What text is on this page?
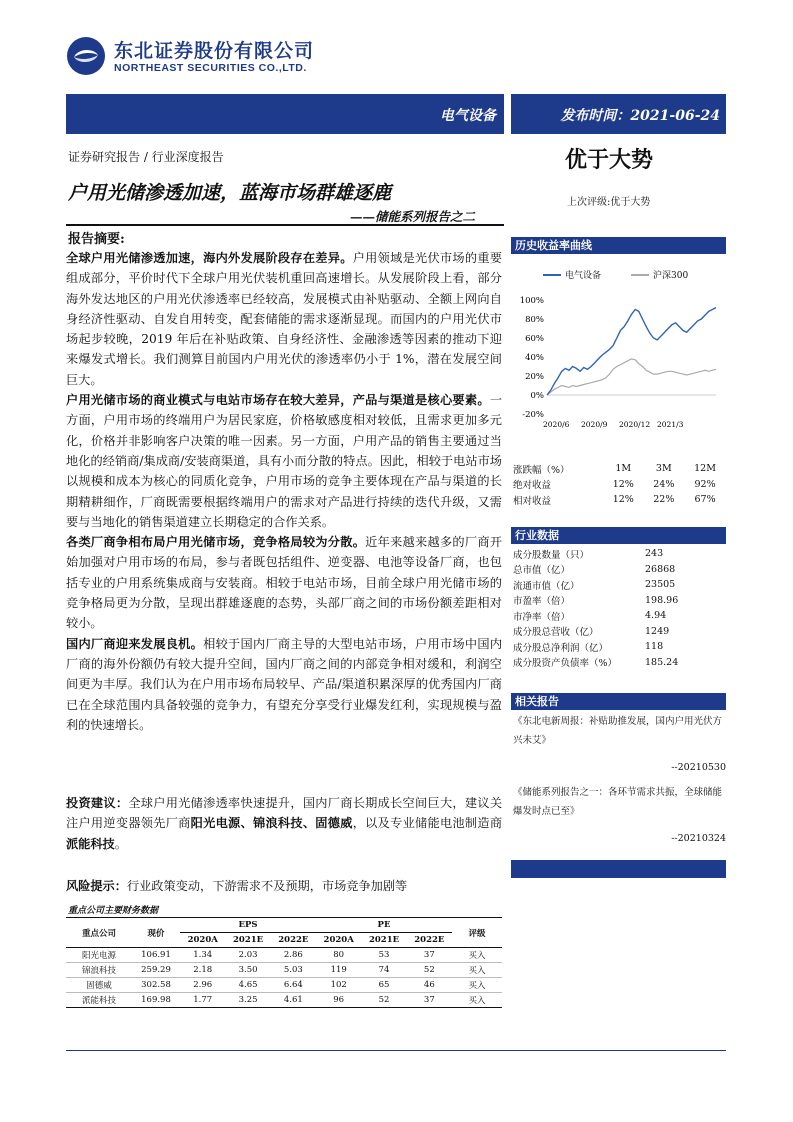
东北证券股份有限公司
NORTHEAST SECURITIES CO.,LTD.
电气设备	发布时间：2021-06-24
证券研究报告 / 行业深度报告	优于大势
上次评级:优于大势
户用光储渗透加速，蓝海市场群雄逐鹿
——储能系列报告之二
报告摘要:
全球户用光储渗透加速，海内外发展阶段存在差异。户用领域是光伏市场的重要组成部分，平价时代下全球户用光伏装机重回高速增长。从发展阶段上看，部分海外发达地区的户用光伏渗透率已经较高，发展模式由补贴驱动、全额上网向自身经济性驱动、自发自用转变，配套储能的需求逐渐显现。而国内的户用光伏市场起步较晚，2019 年后在补贴政策、自身经济性、金融渗透等因素的推动下迎来爆发式增长。我们测算目前国内户用光伏的渗透率仍小于 1%，潜在发展空间巨大。
户用光储市场的商业模式与电站市场存在较大差异，产品与渠道是核心要素。一方面，户用市场的终端用户为居民家庭，价格敏感度相对较低，且需求更加多元化，价格并非影响客户决策的唯一因素。另一方面，户用产品的销售主要通过当地化的经销商/集成商/安装商渠道，具有小而分散的特点。因此，相较于电站市场以规模和成本为核心的同质化竞争，户用市场的竞争主要体现在产品与渠道的长期精耕细作，厂商既需要根据终端用户的需求对产品进行持续的迭代升级，又需要与当地化的销售渠道建立长期稳定的合作关系。
各类厂商争相布局户用光储市场，竞争格局较为分散。近年来越来越多的厂商开始加强对户用市场的布局，参与者既包括组件、逆变器、电池等设备厂商，也包括专业的户用系统集成商与安装商。相较于电站市场，目前全球户用光储市场的竞争格局更为分散，呈现出群雄逐鹿的态势，头部厂商之间的市场份额差距相对较小。
国内厂商迎来发展良机。相较于国内厂商主导的大型电站市场，户用市场中国内厂商的海外份额仍有较大提升空间，国内厂商之间的内部竞争相对缓和，利润空间更为丰厚。我们认为在户用市场布局较早、产品/渠道积累深厚的优秀国内厂商已在全球范围内具备较强的竞争力，有望充分享受行业爆发红利，实现规模与盈利的快速增长。
投资建议：全球户用光储渗透率快速提升，国内厂商长期成长空间巨大，建议关注户用逆变器领先厂商阳光电源、锦浪科技、固德威，以及专业储能电池制造商派能科技。
风险提示：行业政策变动，下游需求不及预期，市场竞争加剧等
重点公司主要财务数据
重点公司	现价	EPS			PE			评级
		2020A	2021E	2022E	2020A	2021E	2022E	
阳光电源	106.91	1.34	2.03	2.86	80	53	37	买入
锦浪科技	259.29	2.18	3.50	5.03	119	74	52	买入
固德威	302.58	2.96	4.65	6.64	102	65	46	买入
派能科技	169.98	1.77	3.25	4.61	96	52	37	买入
历史收益率曲线
电气设备	沪深300
100%
80%
60%
40%
20%
0%
-20%
2020/6 2020/9 2020/12 2021/3
涨跌幅（%）	1M	3M	12M
绝对收益	12%	24%	92%
相对收益	12%	22%	67%
行业数据
成分股数量（只）	243
总市值（亿）	26868
流通市值（亿）	23505
市盈率（倍）	198.96
市净率（倍）	4.94
成分股总营收（亿）	1249
成分股总净利润（亿）	118
成分股资产负债率（%）	185.24
相关报告
《东北电新周报：补贴助推发展，国内户用光伏方兴未艾》
--20210530
《储能系列报告之一：各环节需求共振，全球储能爆发时点已至》
--20210324
